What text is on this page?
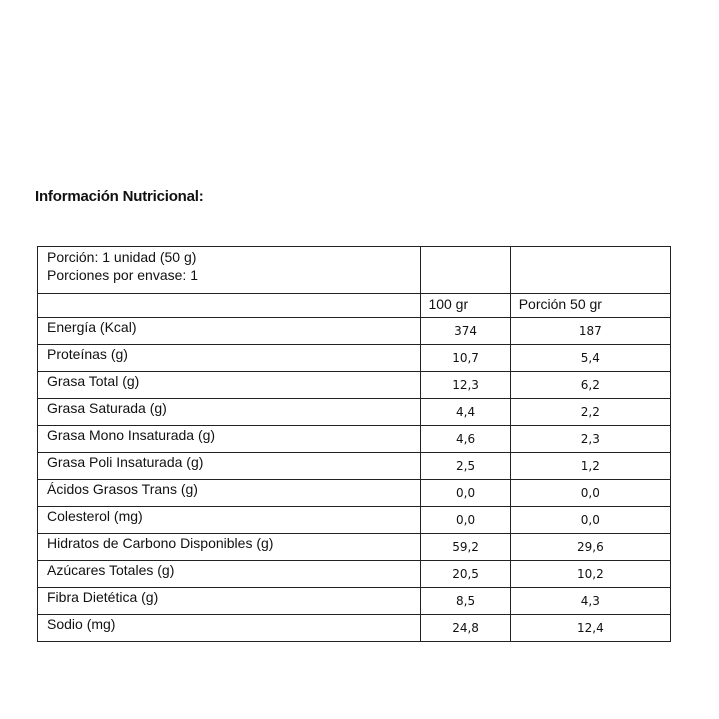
Información Nutricional:
Porción: 1 unidad (50 g)
Porciones por envase: 1		

	100 gr	Porción 50 gr
Energía (Kcal)	374	187
Proteínas (g)	10,7	5,4
Grasa Total (g)	12,3	6,2
Grasa Saturada (g)	4,4	2,2
Grasa Mono Insaturada (g)	4,6	2,3
Grasa Poli Insaturada (g)	2,5	1,2
Ácidos Grasos Trans (g)	0,0	0,0
Colesterol (mg)	0,0	0,0
Hidratos de Carbono Disponibles (g)	59,2	29,6
Azúcares Totales (g)	20,5	10,2
Fibra Dietética (g)	8,5	4,3
Sodio (mg)	24,8	12,4
